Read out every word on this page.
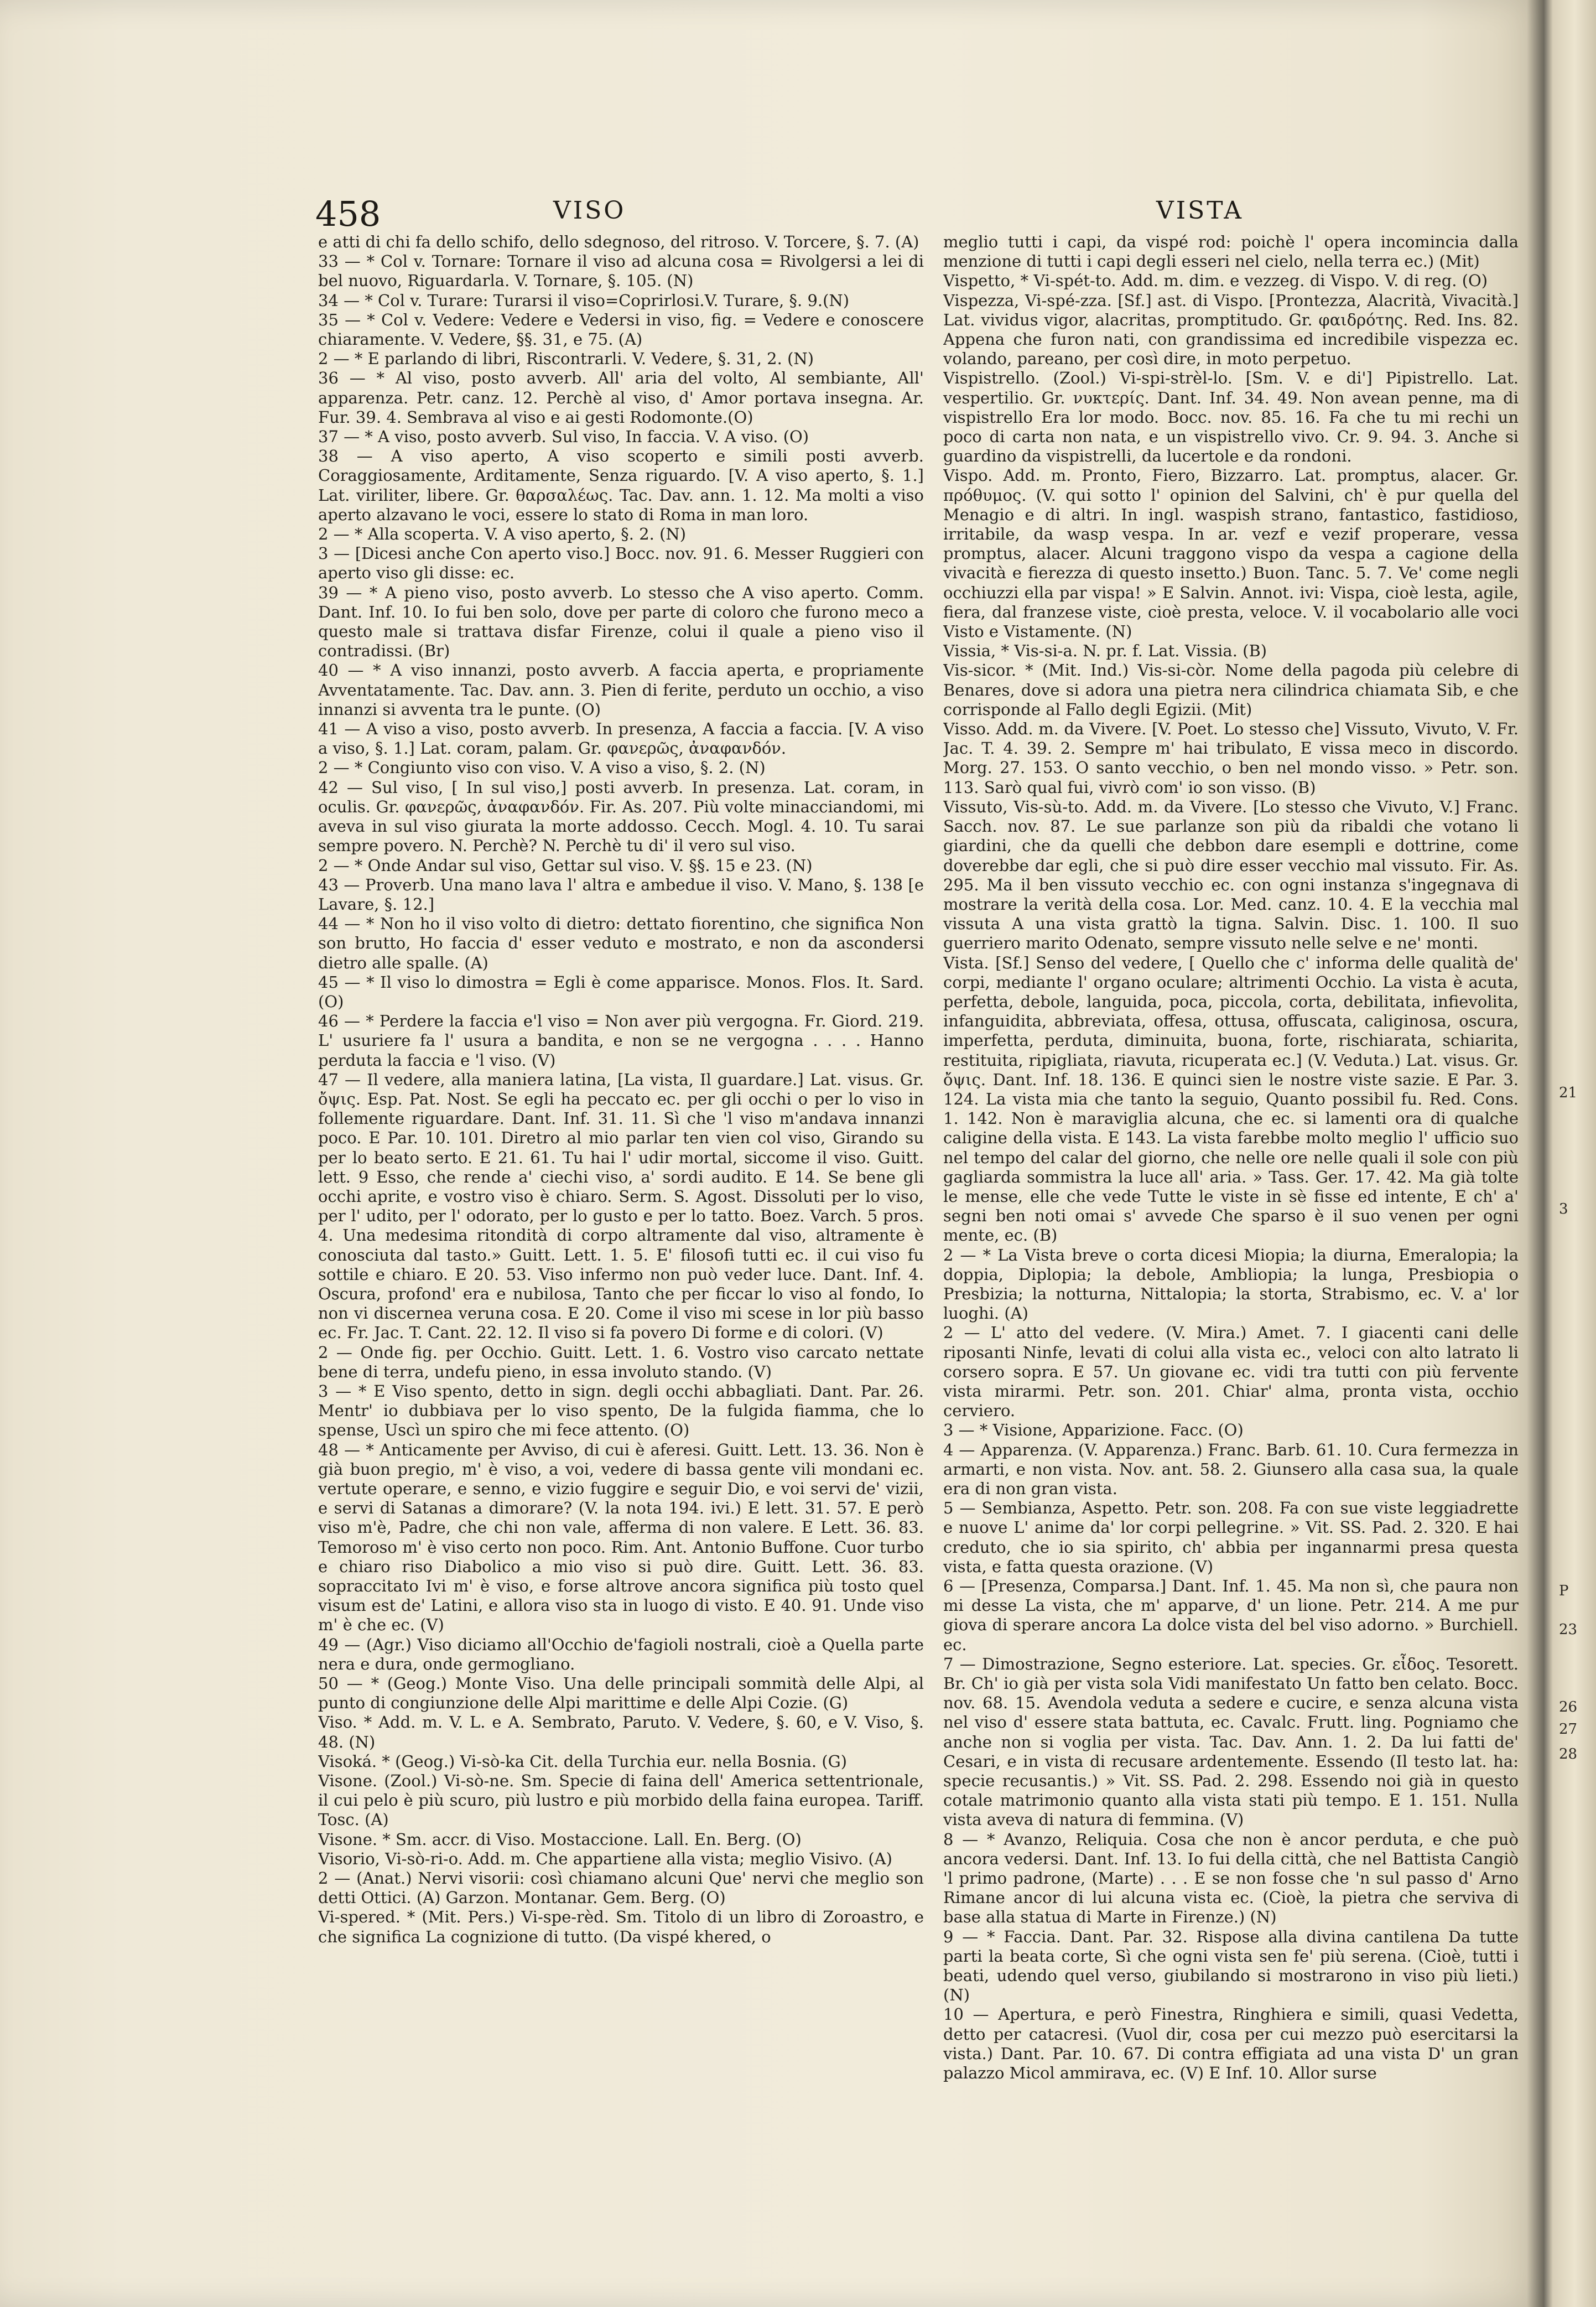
21
3
P
23
26
27
28
458	VISO	VISTA

e atti di chi fa dello schifo, dello sdegnoso, del ritroso. V. Torcere, §. 7. (A)

33 — * Col v. Tornare: Tornare il viso ad alcuna cosa = Rivolgersi a lei di bel nuovo, Riguardarla. V. Tornare, §. 105. (N)

34 — * Col v. Turare: Turarsi il viso=Coprirlosi.V. Turare, §. 9.(N)

35 — * Col v. Vedere: Vedere e Vedersi in viso, fig. = Vedere e conoscere chiaramente. V. Vedere, §§. 31, e 75. (A)

2 — * E parlando di libri, Riscontrarli. V. Vedere, §. 31, 2. (N)

36 — * Al viso, posto avverb. All' aria del volto, Al sembiante, All' apparenza. Petr. canz. 12. Perchè al viso, d' Amor portava insegna. Ar. Fur. 39. 4. Sembrava al viso e ai gesti Rodomonte.(O)

37 — * A viso, posto avverb. Sul viso, In faccia. V. A viso. (O)

38 — A viso aperto, A viso scoperto e simili posti avverb. Coraggiosamente, Arditamente, Senza riguardo. [V. A viso aperto, §. 1.] Lat. viriliter, libere. Gr. θαρσαλέως. Tac. Dav. ann. 1. 12. Ma molti a viso aperto alzavano le voci, essere lo stato di Roma in man loro.

2 — * Alla scoperta. V. A viso aperto, §. 2. (N)

3 — [Dicesi anche Con aperto viso.] Bocc. nov. 91. 6. Messer Ruggieri con aperto viso gli disse: ec.

39 — * A pieno viso, posto avverb. Lo stesso che A viso aperto. Comm. Dant. Inf. 10. Io fui ben solo, dove per parte di coloro che furono meco a questo male si trattava disfar Firenze, colui il quale a pieno viso il contradissi. (Br)

40 — * A viso innanzi, posto avverb. A faccia aperta, e propriamente Avventatamente. Tac. Dav. ann. 3. Pien di ferite, perduto un occhio, a viso innanzi si avventa tra le punte. (O)

41 — A viso a viso, posto avverb. In presenza, A faccia a faccia. [V. A viso a viso, §. 1.] Lat. coram, palam. Gr. φανερῶς, ἀναφανδόν.

2 — * Congiunto viso con viso. V. A viso a viso, §. 2. (N)

42 — Sul viso, [ In sul viso,] posti avverb. In presenza. Lat. coram, in oculis. Gr. φανερῶς, ἀναφανδόν. Fir. As. 207. Più volte minacciandomi, mi aveva in sul viso giurata la morte addosso. Cecch. Mogl. 4. 10. Tu sarai sempre povero. N. Perchè? N. Perchè tu di' il vero sul viso.

2 — * Onde Andar sul viso, Gettar sul viso. V. §§. 15 e 23. (N)

43 — Proverb. Una mano lava l' altra e ambedue il viso. V. Mano, §. 138 [e Lavare, §. 12.]

44 — * Non ho il viso volto di dietro: dettato fiorentino, che significa Non son brutto, Ho faccia d' esser veduto e mostrato, e non da ascondersi dietro alle spalle. (A)

45 — * Il viso lo dimostra = Egli è come apparisce. Monos. Flos. It. Sard. (O)

46 — * Perdere la faccia e'l viso = Non aver più vergogna. Fr. Giord. 219. L' usuriere fa l' usura a bandita, e non se ne vergogna . . . . Hanno perduta la faccia e 'l viso. (V)

47 — Il vedere, alla maniera latina, [La vista, Il guardare.] Lat. visus. Gr. ὄψις. Esp. Pat. Nost. Se egli ha peccato ec. per gli occhi o per lo viso in follemente riguardare. Dant. Inf. 31. 11. Sì che 'l viso m'andava innanzi poco. E Par. 10. 101. Diretro al mio parlar ten vien col viso, Girando su per lo beato serto. E 21. 61. Tu hai l' udir mortal, siccome il viso. Guitt. lett. 9 Esso, che rende a' ciechi viso, a' sordi audito. E 14. Se bene gli occhi aprite, e vostro viso è chiaro. Serm. S. Agost. Dissoluti per lo viso, per l' udito, per l' odorato, per lo gusto e per lo tatto. Boez. Varch. 5 pros. 4. Una medesima ritondità di corpo altramente dal viso, altramente è conosciuta dal tasto.» Guitt. Lett. 1. 5. E' filosofi tutti ec. il cui viso fu sottile e chiaro. E 20. 53. Viso infermo non può veder luce. Dant. Inf. 4. Oscura, profond' era e nubilosa, Tanto che per ficcar lo viso al fondo, Io non vi discernea veruna cosa. E 20. Come il viso mi scese in lor più basso ec. Fr. Jac. T. Cant. 22. 12. Il viso si fa povero Di forme e di colori. (V)

2 — Onde fig. per Occhio. Guitt. Lett. 1. 6. Vostro viso carcato nettate bene di terra, undefu pieno, in essa involuto stando. (V)

3 — * E Viso spento, detto in sign. degli occhi abbagliati. Dant. Par. 26. Mentr' io dubbiava per lo viso spento, De la fulgida fiamma, che lo spense, Uscì un spiro che mi fece attento. (O)

48 — * Anticamente per Avviso, di cui è aferesi. Guitt. Lett. 13. 36. Non è già buon pregio, m' è viso, a voi, vedere di bassa gente vili mondani ec. vertute operare, e senno, e vizio fuggire e seguir Dio, e voi servi de' vizii, e servi di Satanas a dimorare? (V. la nota 194. ivi.) E lett. 31. 57. E però viso m'è, Padre, che chi non vale, afferma di non valere. E Lett. 36. 83. Temoroso m' è viso certo non poco. Rim. Ant. Antonio Buffone. Cuor turbo e chiaro riso Diabolico a mio viso si può dire. Guitt. Lett. 36. 83. sopraccitato Ivi m' è viso, e forse altrove ancora significa più tosto quel visum est de' Latini, e allora viso sta in luogo di visto. E 40. 91. Unde viso m' è che ec. (V)

49 — (Agr.) Viso diciamo all'Occhio de'fagioli nostrali, cioè a Quella parte nera e dura, onde germogliano.

50 — * (Geog.) Monte Viso. Una delle principali sommità delle Alpi, al punto di congiunzione delle Alpi marittime e delle Alpi Cozie. (G)

Viso. * Add. m. V. L. e A. Sembrato, Paruto. V. Vedere, §. 60, e V. Viso, §. 48. (N)

Visoká. * (Geog.) Vi-sò-ka Cit. della Turchia eur. nella Bosnia. (G)

Visone. (Zool.) Vi-sò-ne. Sm. Specie di faina dell' America settentrionale, il cui pelo è più scuro, più lustro e più morbido della faina europea. Tariff. Tosc. (A)

Visone. * Sm. accr. di Viso. Mostaccione. Lall. En. Berg. (O)

Visorio, Vi-sò-ri-o. Add. m. Che appartiene alla vista; meglio Visivo. (A)

2 — (Anat.) Nervi visorii: così chiamano alcuni Que' nervi che meglio son detti Ottici. (A) Garzon. Montanar. Gem. Berg. (O)

Vi-spered. * (Mit. Pers.) Vi-spe-rèd. Sm. Titolo di un libro di Zoroastro, e che significa La cognizione di tutto. (Da vispé khered, o

meglio tutti i capi, da vispé rod: poichè l' opera incomincia dalla menzione di tutti i capi degli esseri nel cielo, nella terra ec.) (Mit)

Vispetto, * Vi-spét-to. Add. m. dim. e vezzeg. di Vispo. V. di reg. (O)

Vispezza, Vi-spé-zza. [Sf.] ast. di Vispo. [Prontezza, Alacrità, Vivacità.] Lat. vividus vigor, alacritas, promptitudo. Gr. φαιδρότης. Red. Ins. 82. Appena che furon nati, con grandissima ed incredibile vispezza ec. volando, pareano, per così dire, in moto perpetuo.

Vispistrello. (Zool.) Vi-spi-strèl-lo. [Sm. V. e di'] Pipistrello. Lat. vespertilio. Gr. νυκτερίς. Dant. Inf. 34. 49. Non avean penne, ma di vispistrello Era lor modo. Bocc. nov. 85. 16. Fa che tu mi rechi un poco di carta non nata, e un vispistrello vivo. Cr. 9. 94. 3. Anche si guardino da vispistrelli, da lucertole e da rondoni.

Vispo. Add. m. Pronto, Fiero, Bizzarro. Lat. promptus, alacer. Gr. πρόθυμος. (V. qui sotto l' opinion del Salvini, ch' è pur quella del Menagio e di altri. In ingl. waspish strano, fantastico, fastidioso, irritabile, da wasp vespa. In ar. vezf e vezif properare, vessa promptus, alacer. Alcuni traggono vispo da vespa a cagione della vivacità e fierezza di questo insetto.) Buon. Tanc. 5. 7. Ve' come negli occhiuzzi ella par vispa! » E Salvin. Annot. ivi: Vispa, cioè lesta, agile, fiera, dal franzese viste, cioè presta, veloce. V. il vocabolario alle voci Visto e Vistamente. (N)

Vissia, * Vis-si-a. N. pr. f. Lat. Vissia. (B)

Vis-sicor. * (Mit. Ind.) Vis-si-còr. Nome della pagoda più celebre di Benares, dove si adora una pietra nera cilindrica chiamata Sib, e che corrisponde al Fallo degli Egizii. (Mit)

Visso. Add. m. da Vivere. [V. Poet. Lo stesso che] Vissuto, Vivuto, V. Fr. Jac. T. 4. 39. 2. Sempre m' hai tribulato, E vissa meco in discordo. Morg. 27. 153. O santo vecchio, o ben nel mondo visso. » Petr. son. 113. Sarò qual fui, vivrò com' io son visso. (B)

Vissuto, Vis-sù-to. Add. m. da Vivere. [Lo stesso che Vivuto, V.] Franc. Sacch. nov. 87. Le sue parlanze son più da ribaldi che votano li giardini, che da quelli che debbon dare esempli e dottrine, come doverebbe dar egli, che si può dire esser vecchio mal vissuto. Fir. As. 295. Ma il ben vissuto vecchio ec. con ogni instanza s'ingegnava di mostrare la verità della cosa. Lor. Med. canz. 10. 4. E la vecchia mal vissuta A una vista grattò la tigna. Salvin. Disc. 1. 100. Il suo guerriero marito Odenato, sempre vissuto nelle selve e ne' monti.

Vista. [Sf.] Senso del vedere, [ Quello che c' informa delle qualità de' corpi, mediante l' organo oculare; altrimenti Occhio. La vista è acuta, perfetta, debole, languida, poca, piccola, corta, debilitata, infievolita, infanguidita, abbreviata, offesa, ottusa, offuscata, caliginosa, oscura, imperfetta, perduta, diminuita, buona, forte, rischiarata, schiarita, restituita, ripigliata, riavuta, ricuperata ec.] (V. Veduta.) Lat. visus. Gr. ὄψις. Dant. Inf. 18. 136. E quinci sien le nostre viste sazie. E Par. 3. 124. La vista mia che tanto la seguio, Quanto possibil fu. Red. Cons. 1. 142. Non è maraviglia alcuna, che ec. si lamenti ora di qualche caligine della vista. E 143. La vista farebbe molto meglio l' ufficio suo nel tempo del calar del giorno, che nelle ore nelle quali il sole con più gagliarda sommistra la luce all' aria. » Tass. Ger. 17. 42. Ma già tolte le mense, elle che vede Tutte le viste in sè fisse ed intente, E ch' a' segni ben noti omai s' avvede Che sparso è il suo venen per ogni mente, ec. (B)

2 — * La Vista breve o corta dicesi Miopia; la diurna, Emeralopia; la doppia, Diplopia; la debole, Ambliopia; la lunga, Presbiopia o Presbizia; la notturna, Nittalopia; la storta, Strabismo, ec. V. a' lor luoghi. (A)

2 — L' atto del vedere. (V. Mira.) Amet. 7. I giacenti cani delle riposanti Ninfe, levati di colui alla vista ec., veloci con alto latrato li corsero sopra. E 57. Un giovane ec. vidi tra tutti con più fervente vista mirarmi. Petr. son. 201. Chiar' alma, pronta vista, occhio cerviero.

3 — * Visione, Apparizione. Facc. (O)

4 — Apparenza. (V. Apparenza.) Franc. Barb. 61. 10. Cura fermezza in armarti, e non vista. Nov. ant. 58. 2. Giunsero alla casa sua, la quale era di non gran vista.

5 — Sembianza, Aspetto. Petr. son. 208. Fa con sue viste leggiadrette e nuove L' anime da' lor corpi pellegrine. » Vit. SS. Pad. 2. 320. E hai creduto, che io sia spirito, ch' abbia per ingannarmi presa questa vista, e fatta questa orazione. (V)

6 — [Presenza, Comparsa.] Dant. Inf. 1. 45. Ma non sì, che paura non mi desse La vista, che m' apparve, d' un lione. Petr. 214. A me pur giova di sperare ancora La dolce vista del bel viso adorno. » Burchiell. ec.

7 — Dimostrazione, Segno esteriore. Lat. species. Gr. εἶδος. Tesorett. Br. Ch' io già per vista sola Vidi manifestato Un fatto ben celato. Bocc. nov. 68. 15. Avendola veduta a sedere e cucire, e senza alcuna vista nel viso d' essere stata battuta, ec. Cavalc. Frutt. ling. Pogniamo che anche non si voglia per vista. Tac. Dav. Ann. 1. 2. Da lui fatti de' Cesari, e in vista di recusare ardentemente. Essendo (Il testo lat. ha: specie recusantis.) » Vit. SS. Pad. 2. 298. Essendo noi già in questo cotale matrimonio quanto alla vista stati più tempo. E 1. 151. Nulla vista aveva di natura di femmina. (V)

8 — * Avanzo, Reliquia. Cosa che non è ancor perduta, e che può ancora vedersi. Dant. Inf. 13. Io fui della città, che nel Battista Cangiò 'l primo padrone, (Marte) . . . E se non fosse che 'n sul passo d' Arno Rimane ancor di lui alcuna vista ec. (Cioè, la pietra che serviva di base alla statua di Marte in Firenze.) (N)

9 — * Faccia. Dant. Par. 32. Rispose alla divina cantilena Da tutte parti la beata corte, Sì che ogni vista sen fe' più serena. (Cioè, tutti i beati, udendo quel verso, giubilando si mostrarono in viso più lieti.) (N)

10 — Apertura, e però Finestra, Ringhiera e simili, quasi Vedetta, detto per catacresi. (Vuol dir, cosa per cui mezzo può esercitarsi la vista.) Dant. Par. 10. 67. Di contra effigiata ad una vista D' un gran palazzo Micol ammirava, ec. (V) E Inf. 10. Allor surse
